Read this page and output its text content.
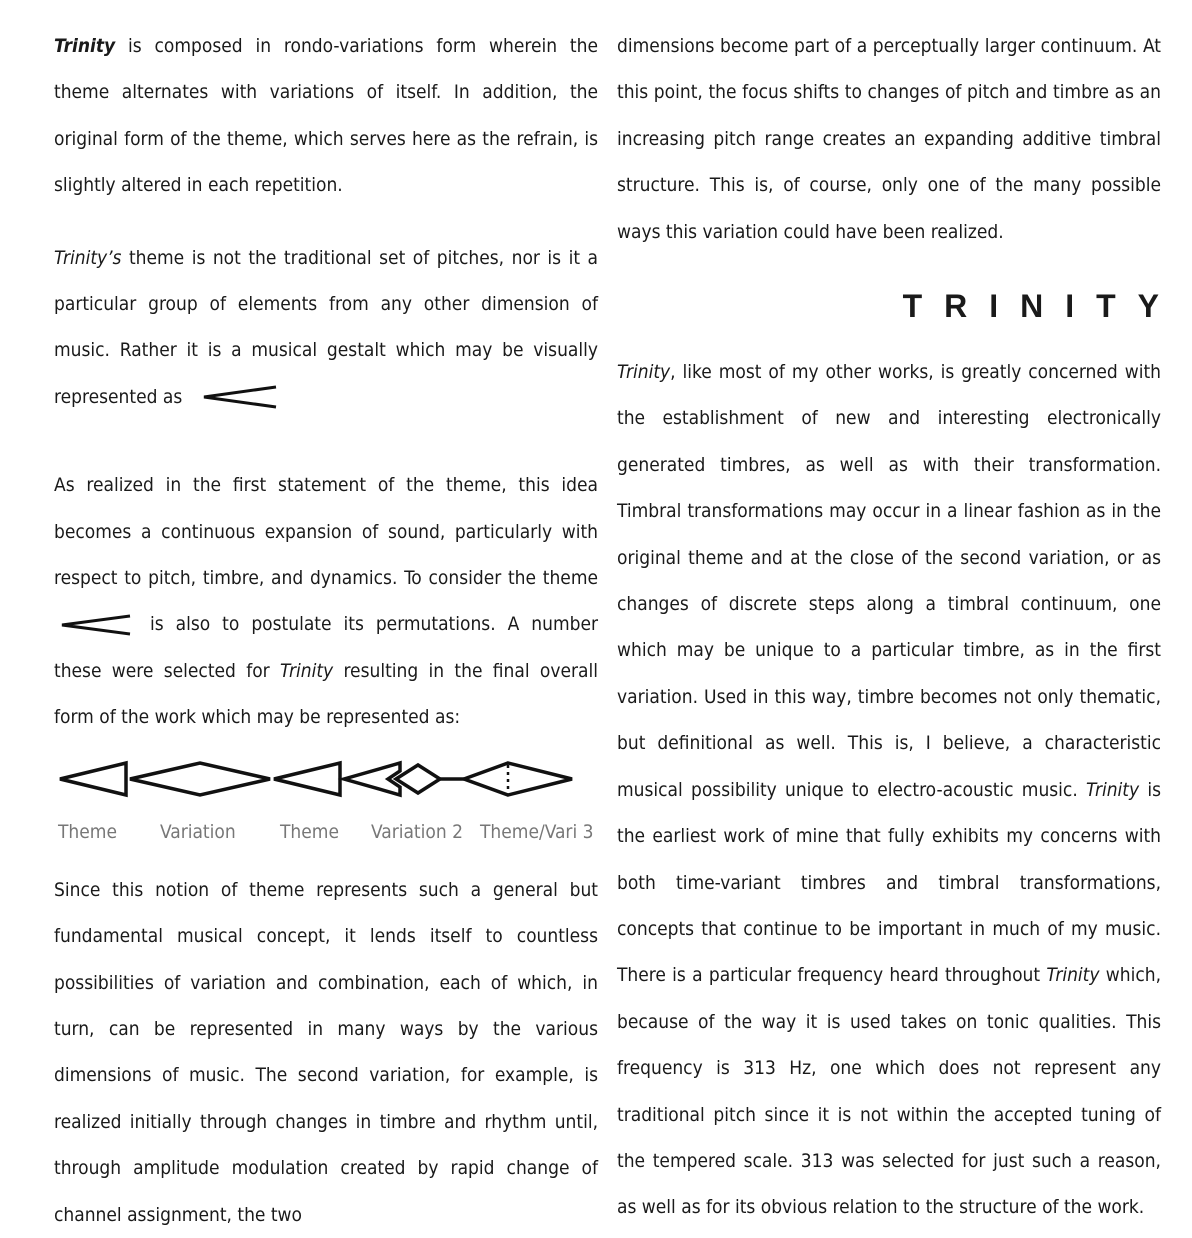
Trinity is composed in rondo-variations form wherein the theme alternates with variations of itself. In addition, the original form of the theme, which serves here as the refrain, is slightly altered in each repetition.

Trinity’s theme is not the traditional set of pitches, nor is it a particular group of elements from any other dimension of music. Rather it is a musical gestalt which may be visually represented as

As realized in the first statement of the theme, this idea becomes a continuous expansion of sound, particularly with respect to pitch, timbre, and dynamics. To consider the theme  is also to postulate its permutations. A number these were selected for Trinity resulting in the final overall form of the work which may be represented as:

Theme Variation Theme Variation 2 Theme/Vari 3

Since this notion of theme represents such a general but fundamental musical concept, it lends itself to countless possibilities of variation and combination, each of which, in turn, can be represented in many ways by the various dimensions of music. The second variation, for example, is realized initially through changes in timbre and rhythm until, through amplitude modulation created by rapid change of channel assignment, the two

dimensions become part of a perceptually larger continuum. At this point, the focus shifts to changes of pitch and timbre as an increasing pitch range creates an expanding additive timbral structure. This is, of course, only one of the many possible ways this variation could have been realized.

TRINITY

Trinity, like most of my other works, is greatly concerned with the establishment of new and interesting electronically generated timbres, as well as with their transformation. Timbral transformations may occur in a linear fashion as in the original theme and at the close of the second variation, or as changes of discrete steps along a timbral continuum, one which may be unique to a particular timbre, as in the first variation. Used in this way, timbre becomes not only thematic, but definitional as well. This is, I believe, a characteristic musical possibility unique to electro-acoustic music. Trinity is the earliest work of mine that fully exhibits my concerns with both time-variant timbres and timbral transformations, concepts that continue to be important in much of my music. There is a particular frequency heard throughout Trinity which, because of the way it is used takes on tonic qualities. This frequency is 313 Hz, one which does not represent any traditional pitch since it is not within the accepted tuning of the tempered scale. 313 was selected for just such a reason, as well as for its obvious relation to the structure of the work.
